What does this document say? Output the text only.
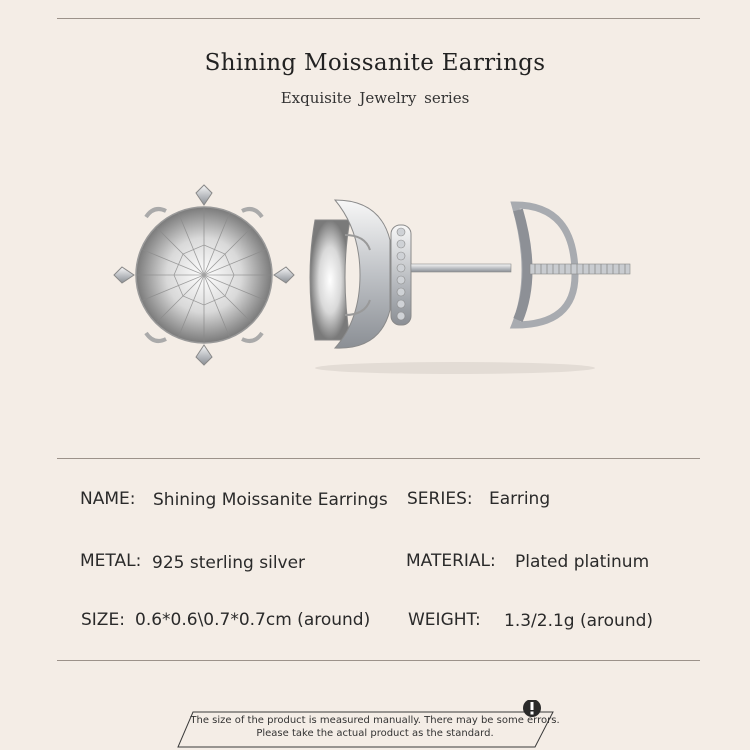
Shining Moissanite Earrings
Exquisite Jewelry series
NAME: Shining Moissanite Earrings SERIES: Earring
METAL: 925 sterling silver	MATERIAL: Plated platinum
SIZE: 0.6*0.6\0.7*0.7cm (around) WEIGHT: 1.3/2.1g (around)
The size of the product is measured manually. There may be some errors.
Please take the actual product as the standard.
